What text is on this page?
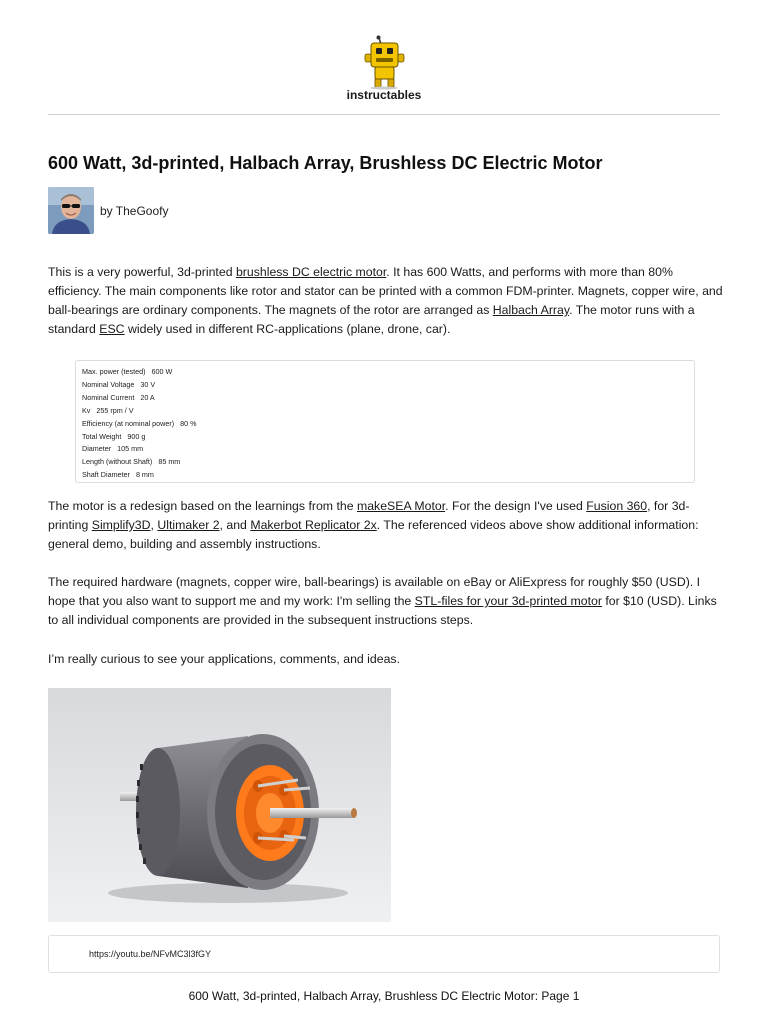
instructables
600 Watt, 3d-printed, Halbach Array, Brushless DC Electric Motor
by TheGoofy

This is a very powerful, 3d-printed brushless DC electric motor. It has 600 Watts, and performs with more than 80% efficiency. The main components like rotor and stator can be printed with a common FDM-printer. Magnets, copper wire, and ball-bearings are ordinary components. The magnets of the rotor are arranged as Halbach Array. The motor runs with a standard ESC widely used in different RC-applications (plane, drone, car).

Max. power (tested) 600 W
Nominal Voltage 30 V
Nominal Current 20 A
Kv 255 rpm / V
Efficiency (at nominal power) 80 %
Total Weight 900 g
Diameter 105 mm
Length (without Shaft) 85 mm
Shaft Diameter 8 mm

The motor is a redesign based on the learnings from the makeSEA Motor. For the design I've used Fusion 360, for 3d-printing Simplify3D, Ultimaker 2, and Makerbot Replicator 2x. The referenced videos above show additional information: general demo, building and assembly instructions.

The required hardware (magnets, copper wire, ball-bearings) is available on eBay or AliExpress for roughly $50 (USD). I hope that you also want to support me and my work: I'm selling the STL-files for your 3d-printed motor for $10 (USD). Links to all individual components are provided in the subsequent instructions steps.

I’m really curious to see your applications, comments, and ideas.

https://youtu.be/NFvMC3l3fGY
600 Watt, 3d-printed, Halbach Array, Brushless DC Electric Motor: Page 1
